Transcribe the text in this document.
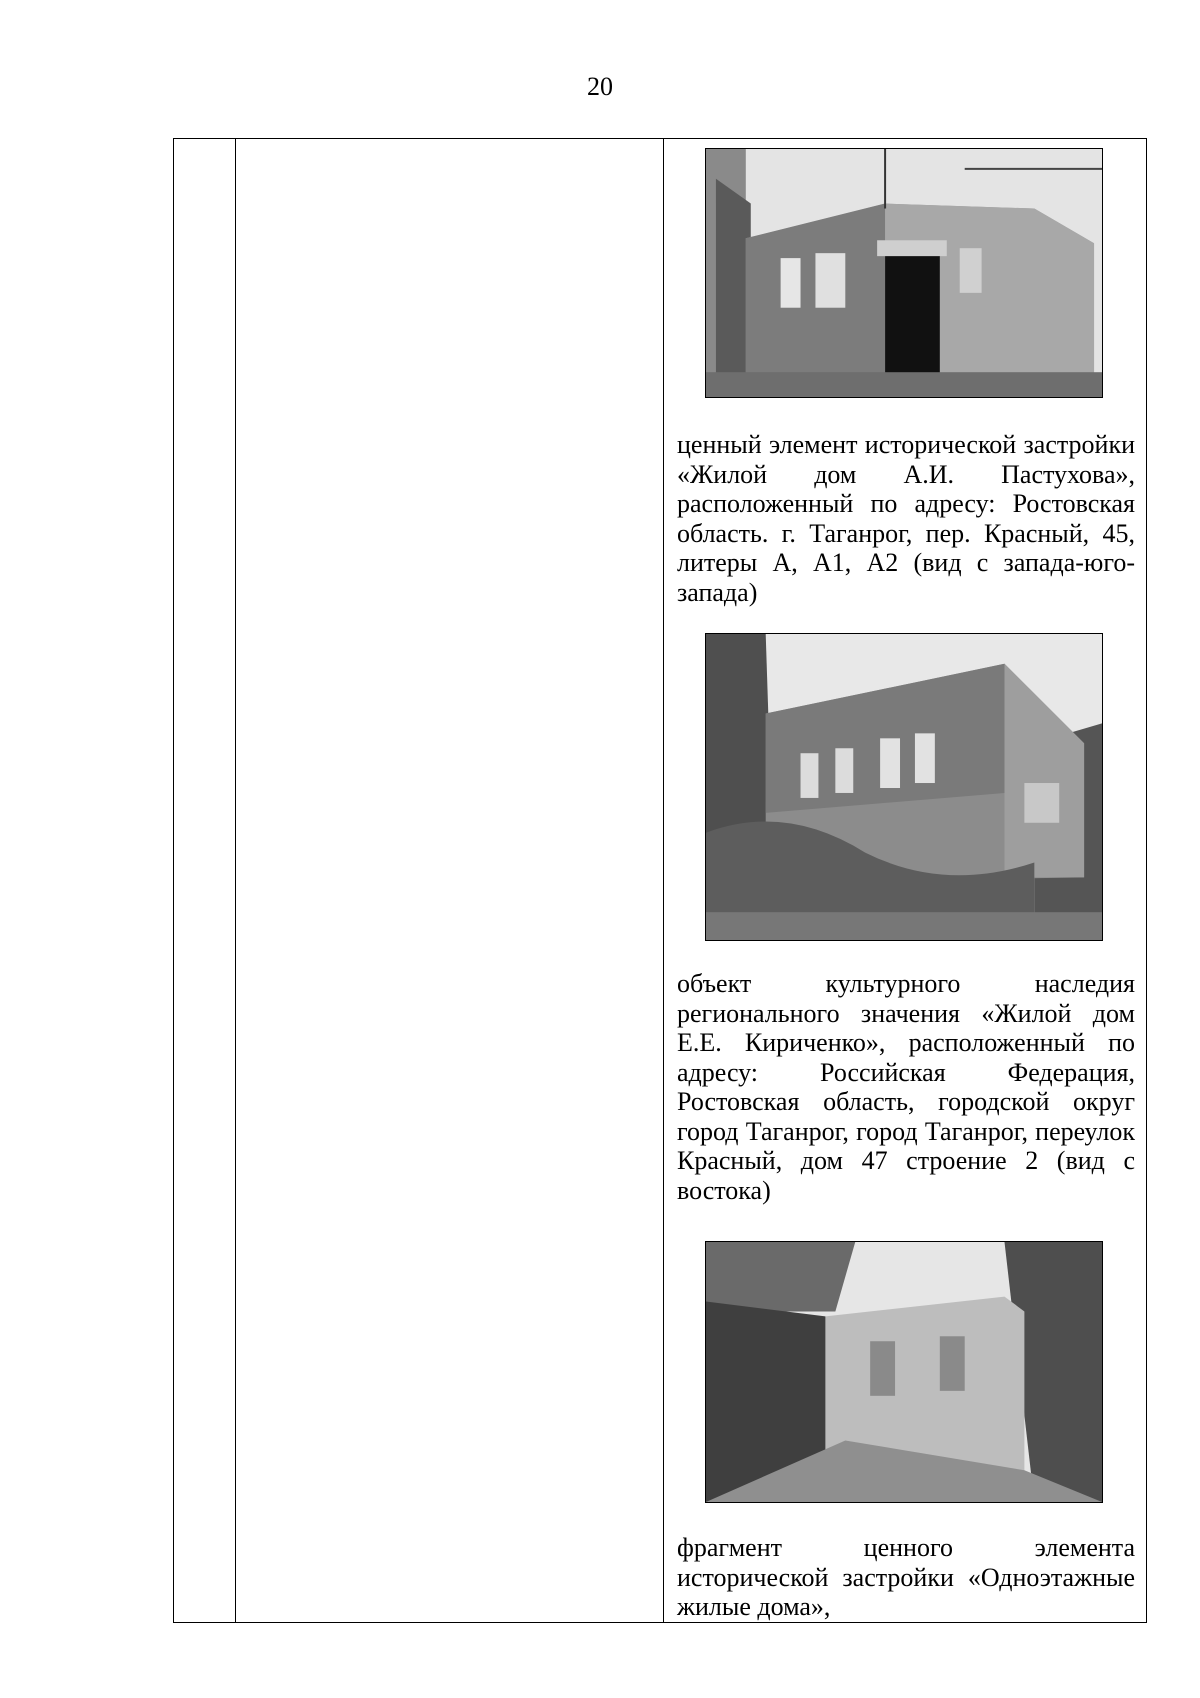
20

ценный элемент исторической застройки «Жилой дом А.И. Пастухова», расположенный по адресу: Ростовская область. г. Таганрог, пер. Красный, 45, литеры А, А1, А2 (вид с запада-юго-запада)

объект культурного наследия регионального значения «Жилой дом Е.Е. Кириченко», расположенный по адресу: Российская Федерация, Ростовская область, городской округ город Таганрог, город Таганрог, переулок Красный, дом 47 строение 2 (вид с востока)

фрагмент ценного элемента исторической застройки «Одноэтажные жилые дома»,
